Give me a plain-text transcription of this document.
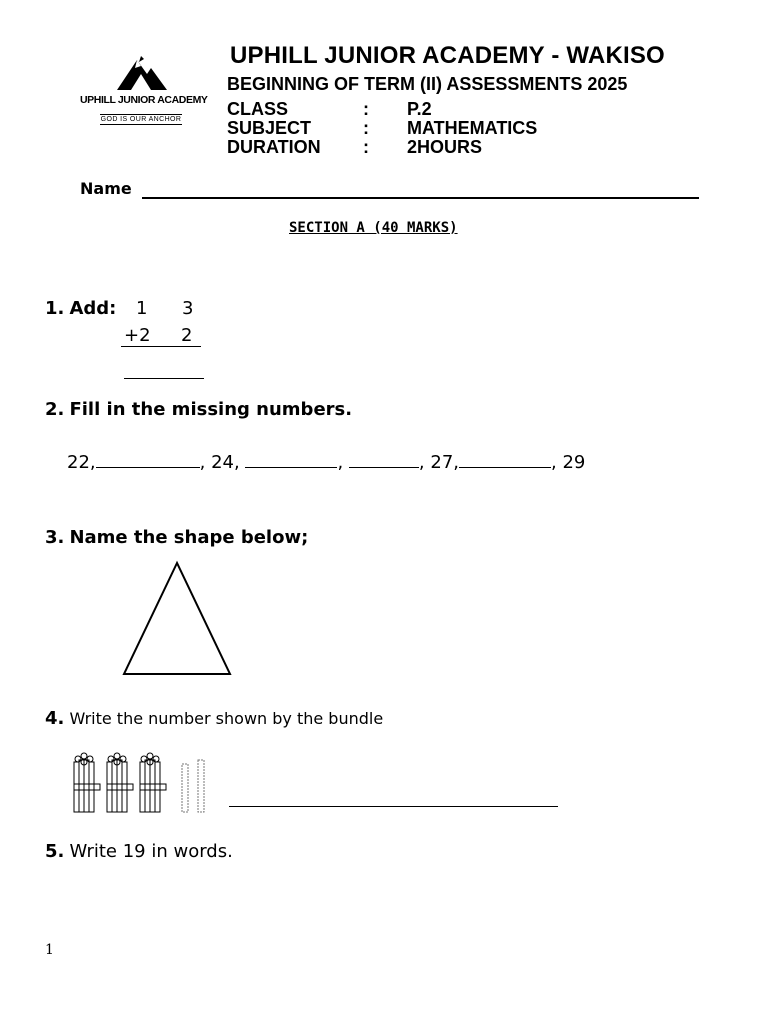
UPHILL JUNIOR ACADEMY
GOD IS OUR ANCHOR
UPHILL JUNIOR ACADEMY - WAKISO
BEGINNING OF TERM (II) ASSESSMENTS 2025
CLASS	: P.2
SUBJECT	: MATHEMATICS
DURATION : 2HOURS
Name
SECTION A (40 MARKS)
1. Add: 1 3
+2 2
2. Fill in the missing numbers.
22,	, 24,	,	, 27,	, 29
3. Name the shape below;
4. Write the number shown by the bundle
5. Write 19 in words.
1
